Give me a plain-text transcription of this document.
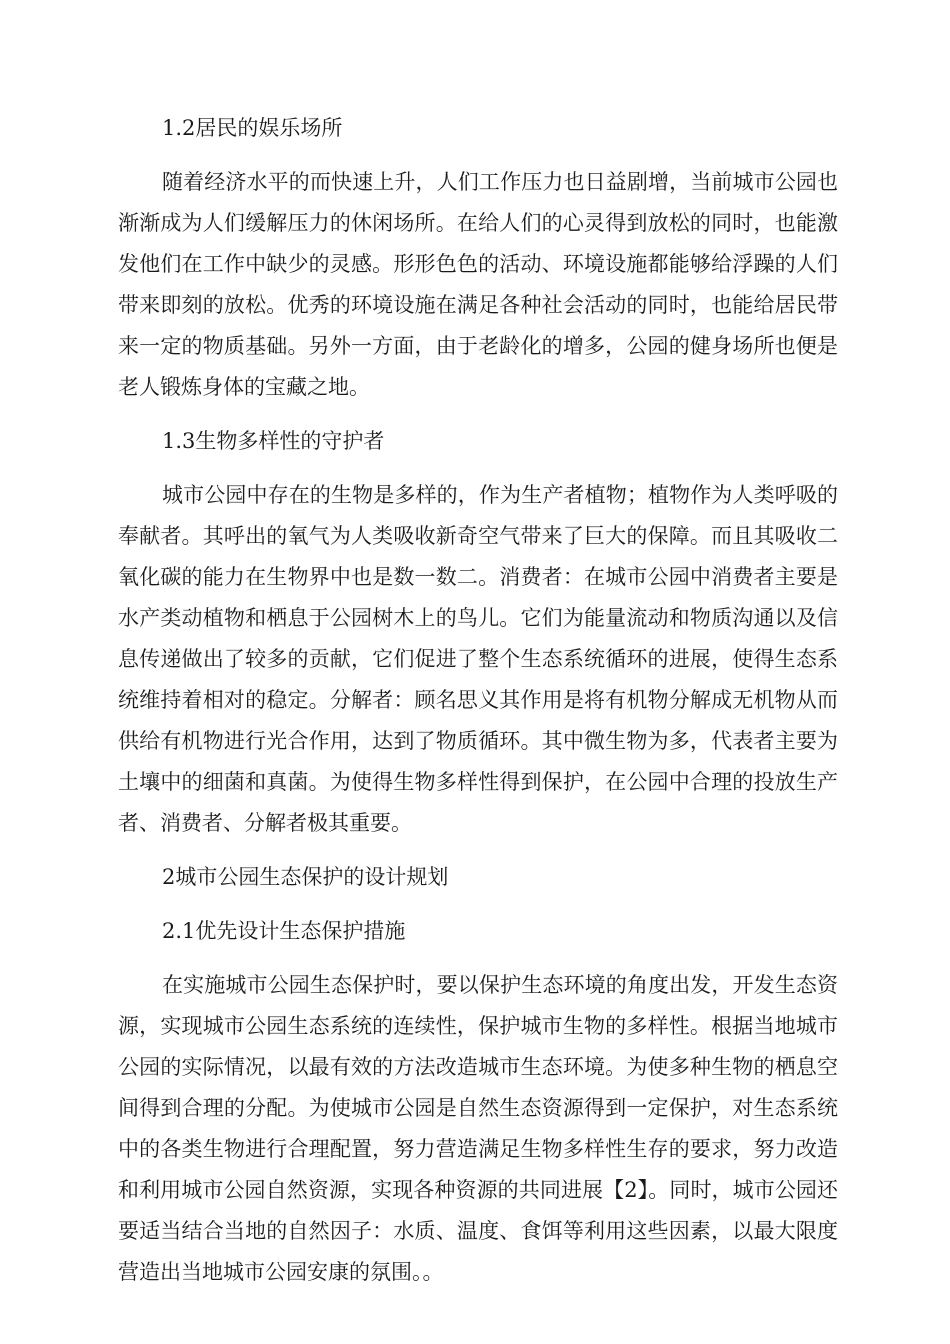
1.2居民的娱乐场所

随着经济水平的而快速上升，人们工作压力也日益剧增，当前城市公园也渐渐成为人们缓解压力的休闲场所。在给人们的心灵得到放松的同时，也能激发他们在工作中缺少的灵感。形形色色的活动、环境设施都能够给浮躁的人们带来即刻的放松。优秀的环境设施在满足各种社会活动的同时，也能给居民带来一定的物质基础。另外一方面，由于老龄化的增多，公园的健身场所也便是老人锻炼身体的宝藏之地。

1.3生物多样性的守护者

城市公园中存在的生物是多样的，作为生产者植物；植物作为人类呼吸的奉献者。其呼出的氧气为人类吸收新奇空气带来了巨大的保障。而且其吸收二氧化碳的能力在生物界中也是数一数二。消费者：在城市公园中消费者主要是水产类动植物和栖息于公园树木上的鸟儿。它们为能量流动和物质沟通以及信息传递做出了较多的贡献，它们促进了整个生态系统循环的进展，使得生态系统维持着相对的稳定。分解者：顾名思义其作用是将有机物分解成无机物从而供给有机物进行光合作用，达到了物质循环。其中微生物为多，代表者主要为土壤中的细菌和真菌。为使得生物多样性得到保护，在公园中合理的投放生产者、消费者、分解者极其重要。

2城市公园生态保护的设计规划

2.1优先设计生态保护措施

在实施城市公园生态保护时，要以保护生态环境的角度出发，开发生态资源，实现城市公园生态系统的连续性，保护城市生物的多样性。根据当地城市公园的实际情况，以最有效的方法改造城市生态环境。为使多种生物的栖息空间得到合理的分配。为使城市公园是自然生态资源得到一定保护，对生态系统中的各类生物进行合理配置，努力营造满足生物多样性生存的要求，努力改造和利用城市公园自然资源，实现各种资源的共同进展【2】。同时，城市公园还要适当结合当地的自然因子：水质、温度、食饵等利用这些因素，以最大限度营造出当地城市公园安康的氛围。。
